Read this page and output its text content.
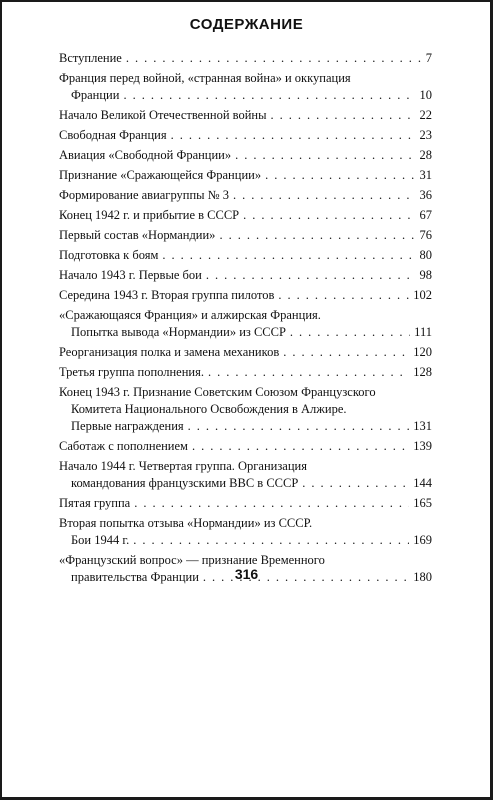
СОДЕРЖАНИЕ
Вступление .....	7
Франция перед войной, «странная война» и оккупация
Франции .....	10
Начало Великой Отечественной войны .....	22
Свободная Франция .....	23
Авиация «Свободной Франции» .....	28
Признание «Сражающейся Франции» .....	31
Формирование авиагруппы № 3 .....	36
Конец 1942 г. и прибытие в СССР .....	67
Первый состав «Нормандии» .....	76
Подготовка к боям .....	80
Начало 1943 г. Первые бои .....	98
Середина 1943 г. Вторая группа пилотов .....	102
«Сражающаяся Франция» и алжирская Франция.
Попытка вывода «Нормандии» из СССР .....	111
Реорганизация полка и замена механиков .....	120
Третья группа пополнения. .....	128
Конец 1943 г. Признание Советским Союзом Французского
Комитета Национального Освобождения в Алжире.
Первые награждения .....	131
Саботаж с пополнением .....	139
Начало 1944 г. Четвертая группа. Организация
командования французскими ВВС в СССР .....	144
Пятая группа .....	165
Вторая попытка отзыва «Нормандии» из СССР.
Бои 1944 г. .....	169
«Французский вопрос» — признание Временного
правительства Франции .....	180
316
